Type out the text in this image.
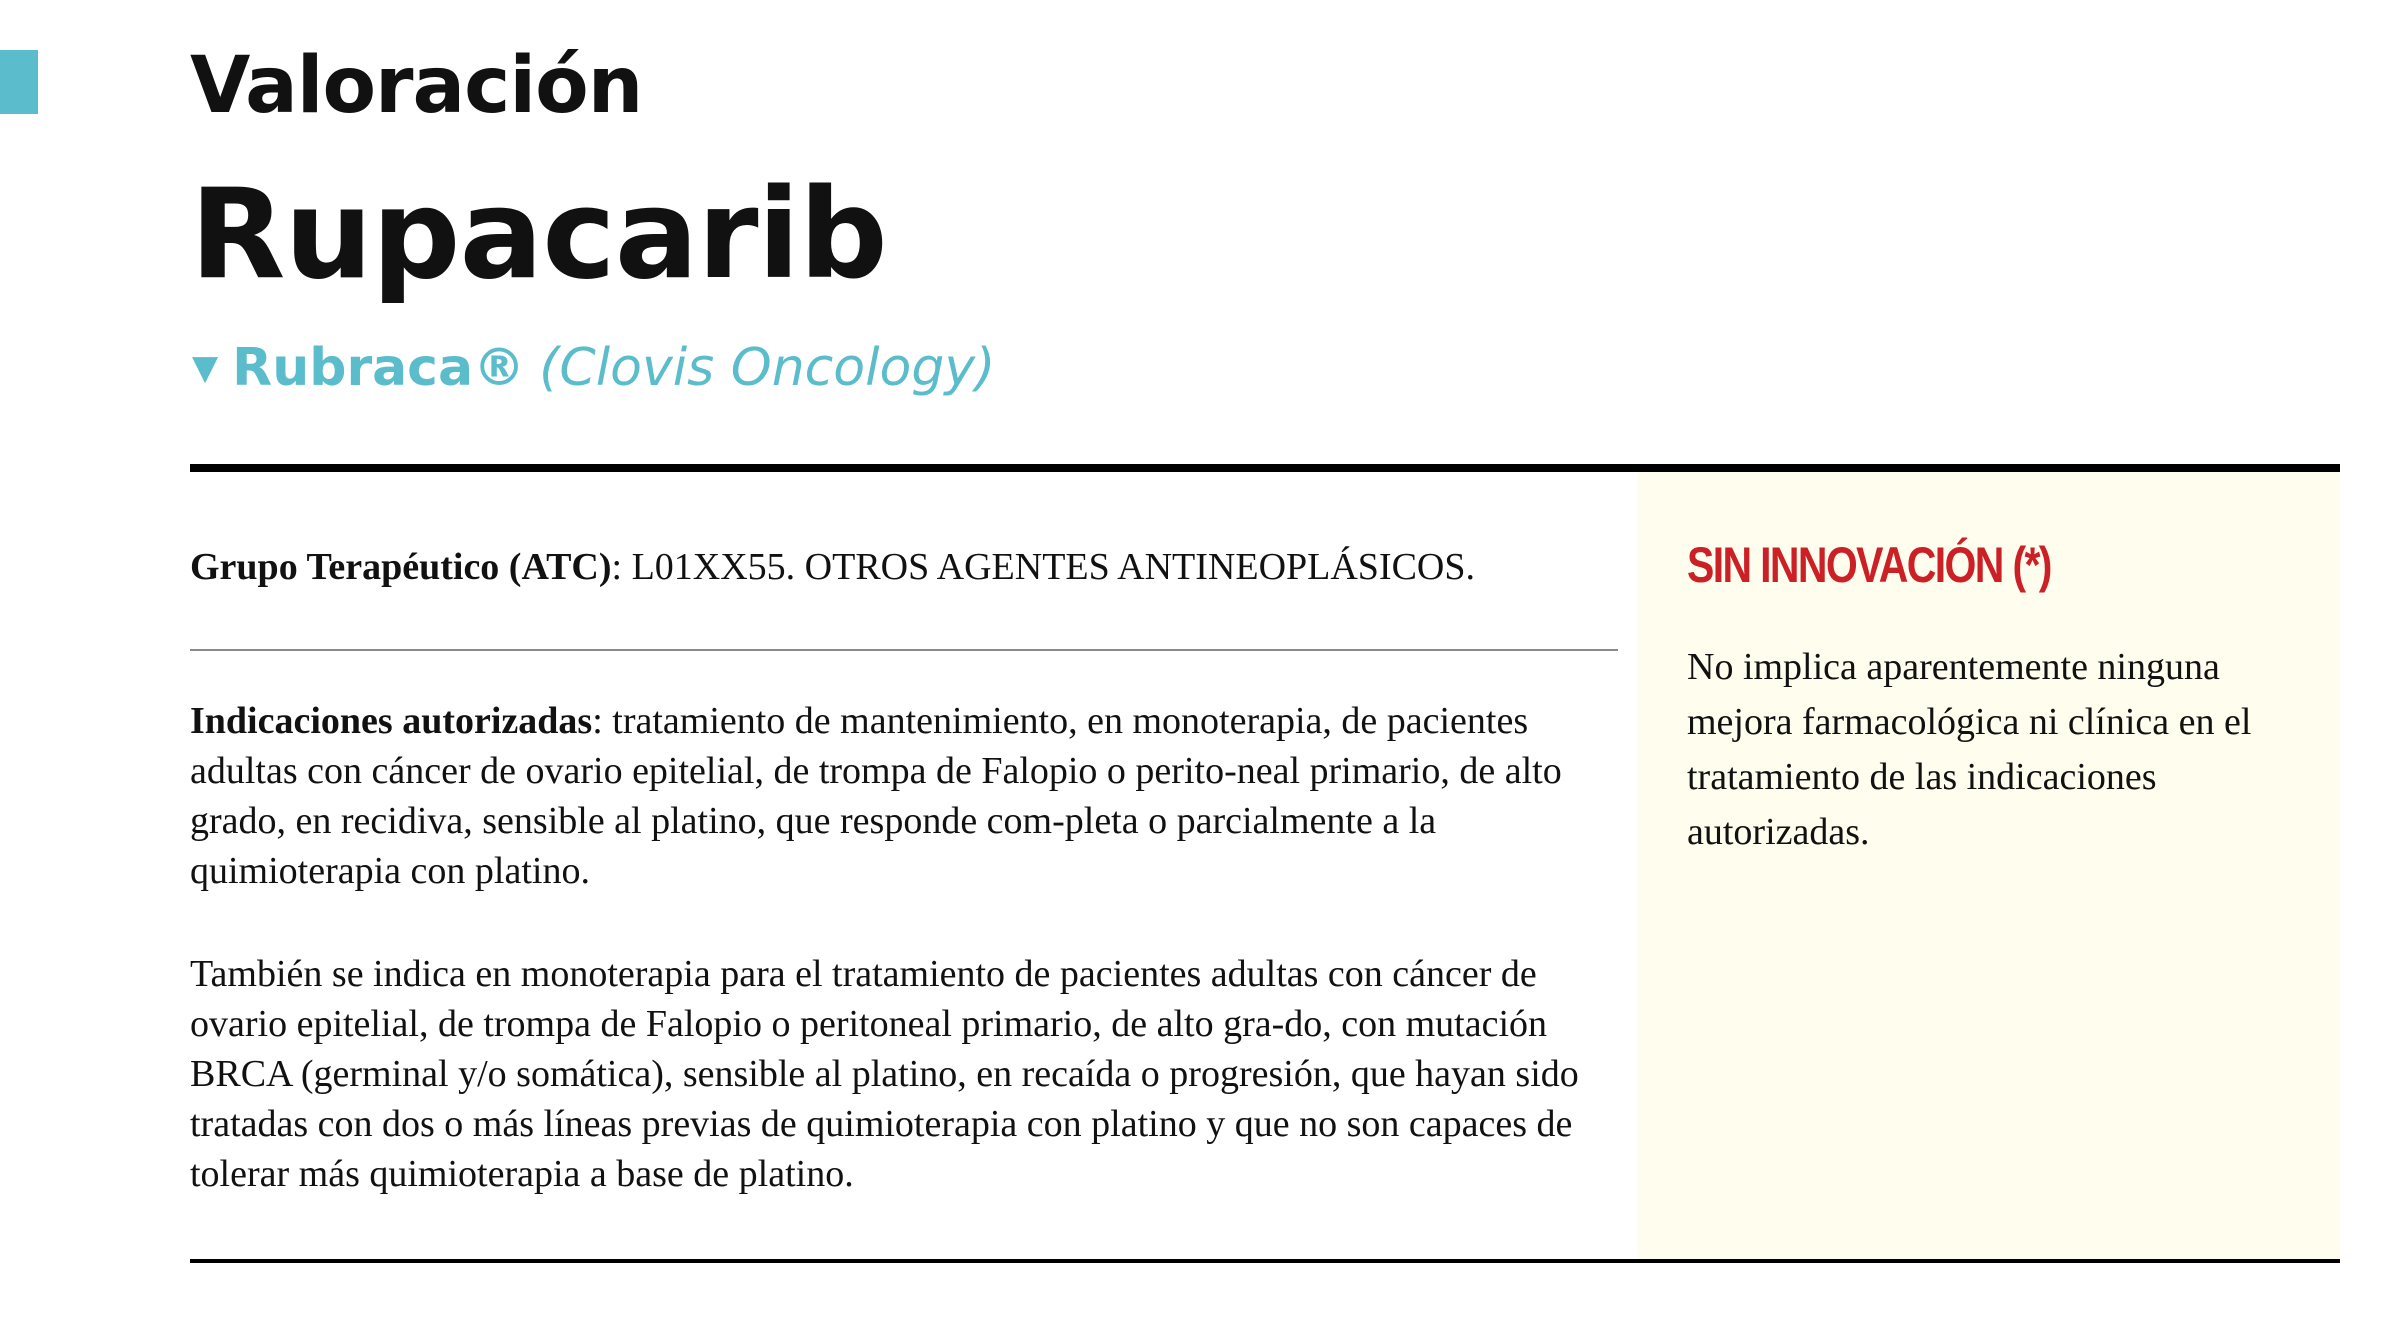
Valoración
Rupacarib
▼ Rubraca® (Clovis Oncology)

Grupo Terapéutico (ATC): L01XX55. OTROS AGENTES ANTINEOPLÁSICOS.

Indicaciones autorizadas: tratamiento de mantenimiento, en monoterapia, de pacientes adultas con cáncer de ovario epitelial, de trompa de Falopio o perito-neal primario, de alto grado, en recidiva, sensible al platino, que responde com-pleta o parcialmente a la quimioterapia con platino.

También se indica en monoterapia para el tratamiento de pacientes adultas con cáncer de ovario epitelial, de trompa de Falopio o peritoneal primario, de alto gra-do, con mutación BRCA (germinal y/o somática), sensible al platino, en recaída o progresión, que hayan sido tratadas con dos o más líneas previas de quimioterapia con platino y que no son capaces de tolerar más quimioterapia a base de platino.

SIN INNOVACIÓN (*)

No implica aparentemente ninguna mejora farmacológica ni clínica en el tratamiento de las indicaciones autorizadas.
